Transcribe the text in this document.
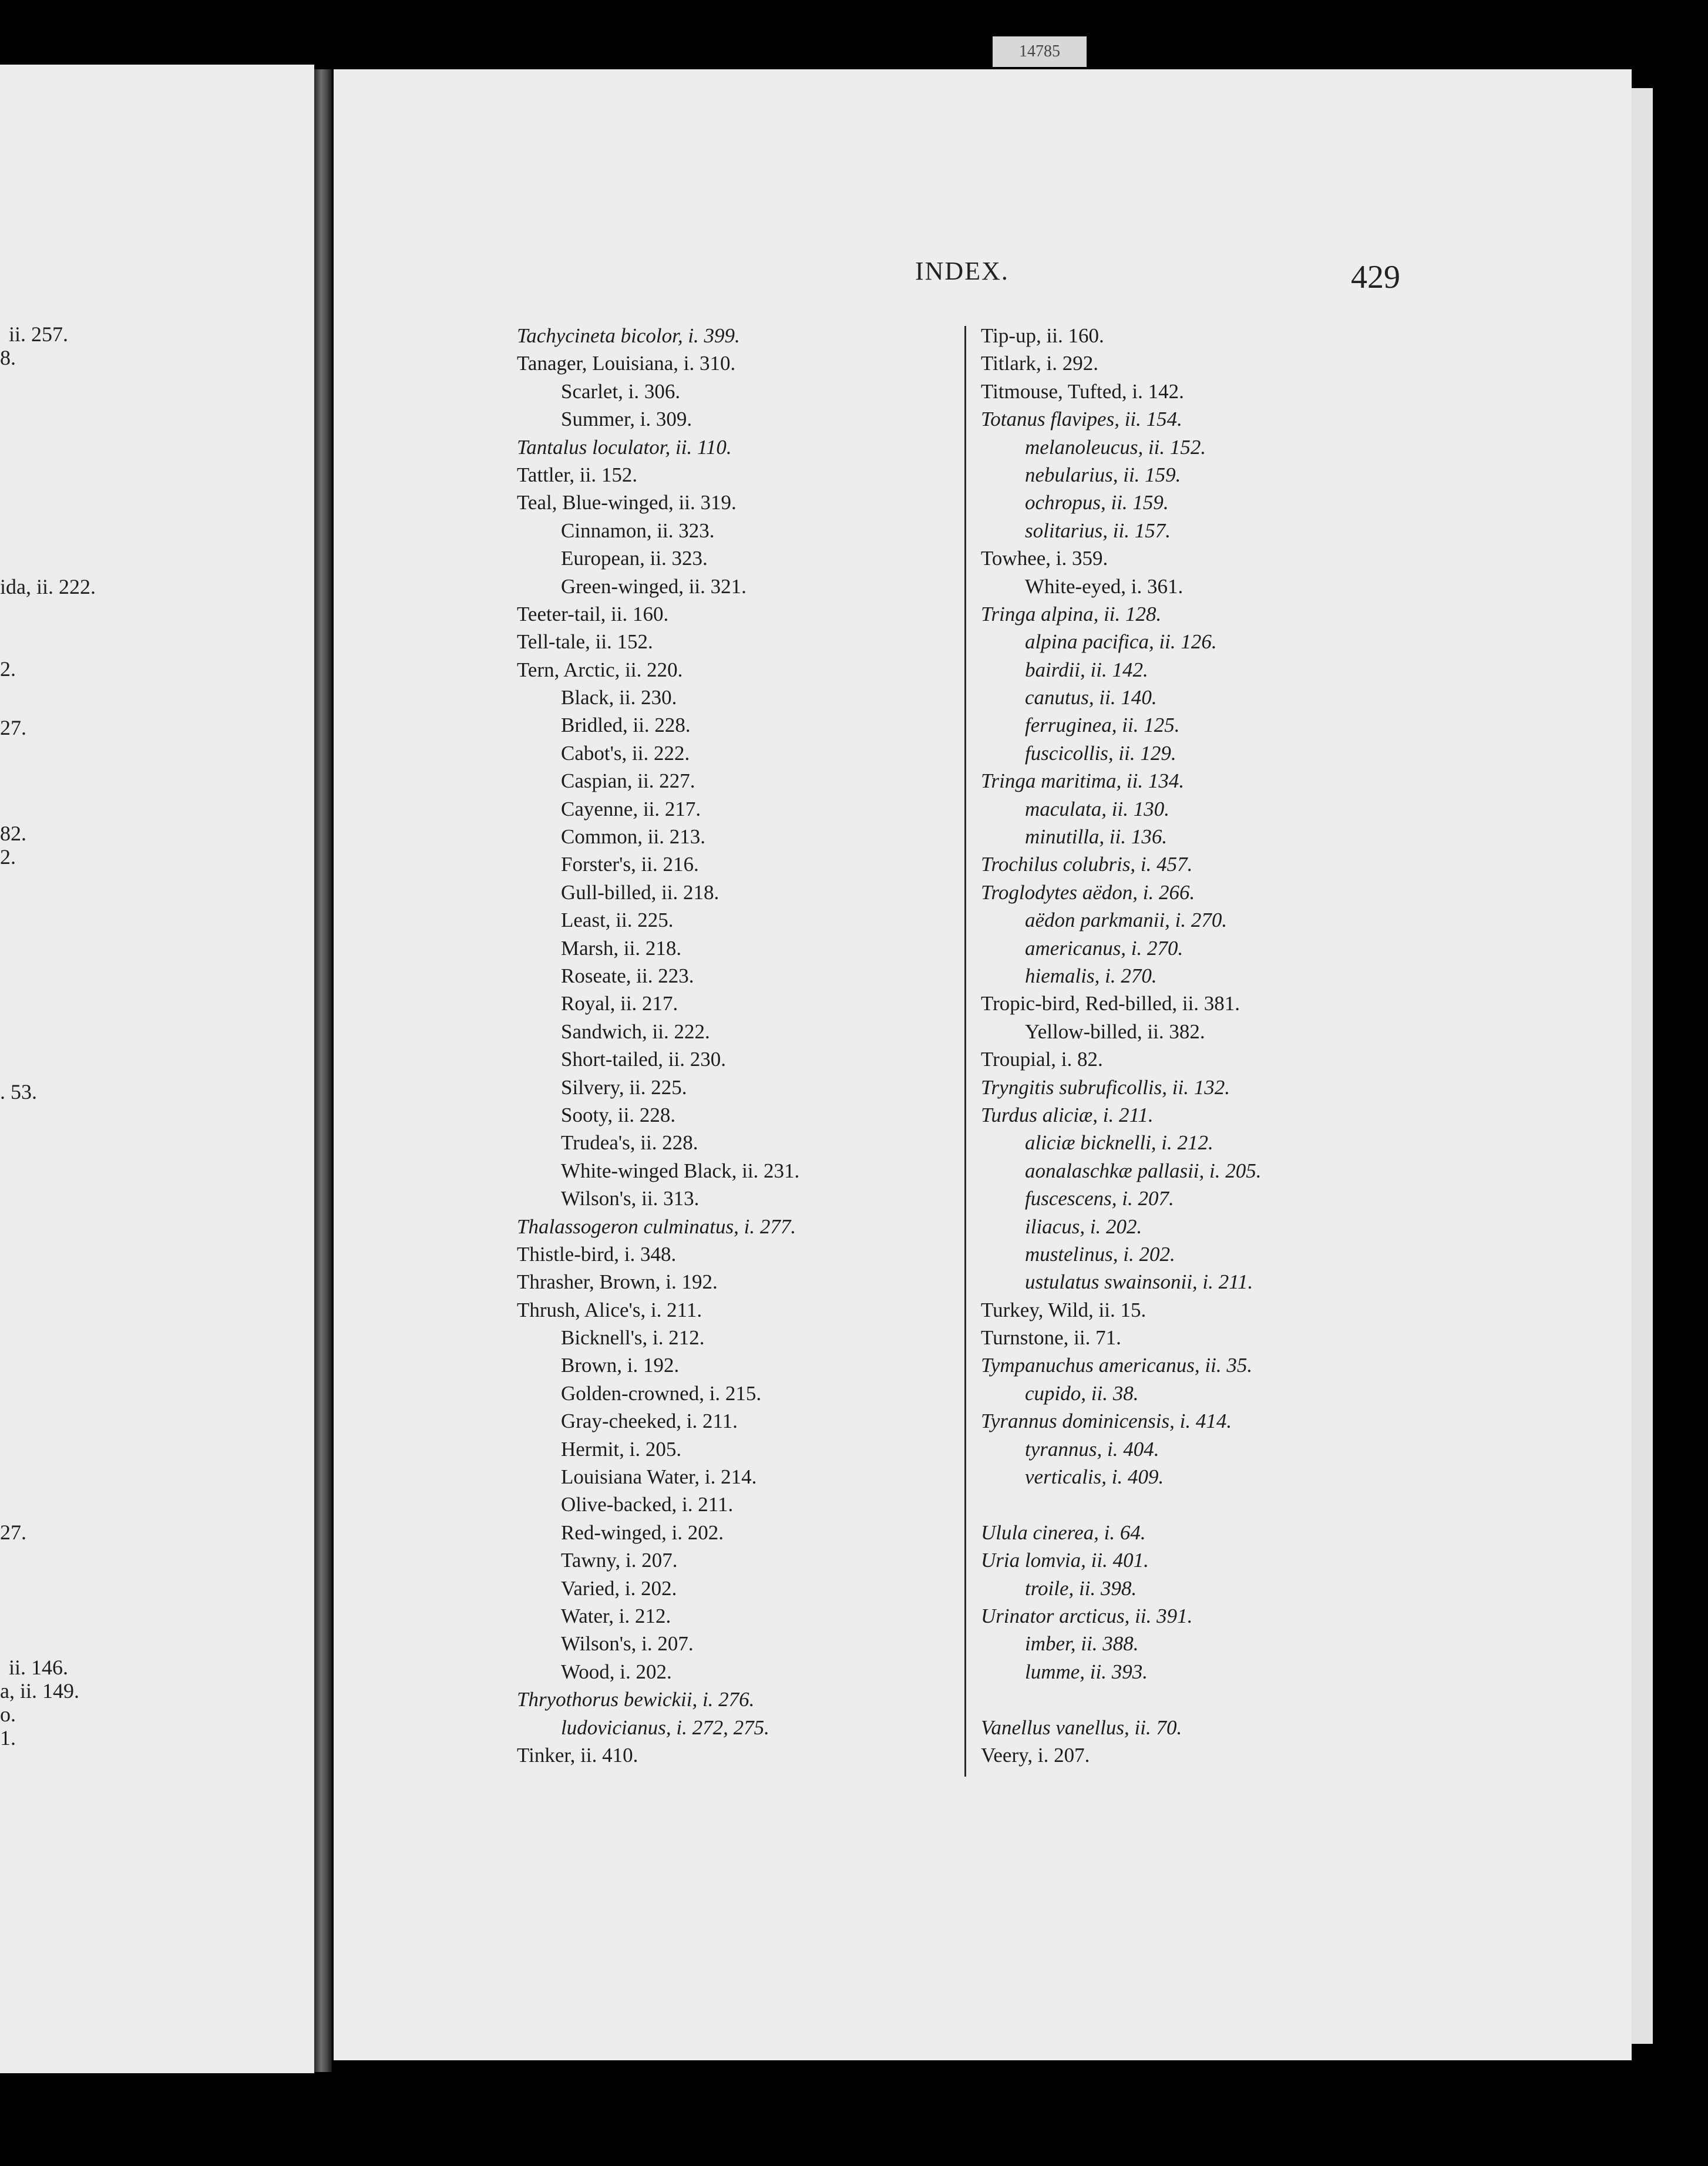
ii. 257.
8.
ida, ii. 222.
2.
27.
82.
2.
. 53.
27.
ii. 146.
a, ii. 149.
o.
1.
14785
INDEX.	429
Tachycineta bicolor, i. 399.
Tanager, Louisiana, i. 310.
Scarlet, i. 306.
Summer, i. 309.
Tantalus loculator, ii. 110.
Tattler, ii. 152.
Teal, Blue-winged, ii. 319.
Cinnamon, ii. 323.
European, ii. 323.
Green-winged, ii. 321.
Teeter-tail, ii. 160.
Tell-tale, ii. 152.
Tern, Arctic, ii. 220.
Black, ii. 230.
Bridled, ii. 228.
Cabot's, ii. 222.
Caspian, ii. 227.
Cayenne, ii. 217.
Common, ii. 213.
Forster's, ii. 216.
Gull-billed, ii. 218.
Least, ii. 225.
Marsh, ii. 218.
Roseate, ii. 223.
Royal, ii. 217.
Sandwich, ii. 222.
Short-tailed, ii. 230.
Silvery, ii. 225.
Sooty, ii. 228.
Trudea's, ii. 228.
White-winged Black, ii. 231.
Wilson's, ii. 313.
Thalassogeron culminatus, i. 277.
Thistle-bird, i. 348.
Thrasher, Brown, i. 192.
Thrush, Alice's, i. 211.
Bicknell's, i. 212.
Brown, i. 192.
Golden-crowned, i. 215.
Gray-cheeked, i. 211.
Hermit, i. 205.
Louisiana Water, i. 214.
Olive-backed, i. 211.
Red-winged, i. 202.
Tawny, i. 207.
Varied, i. 202.
Water, i. 212.
Wilson's, i. 207.
Wood, i. 202.
Thryothorus bewickii, i. 276.
ludovicianus, i. 272, 275.
Tinker, ii. 410.
Tip-up, ii. 160.
Titlark, i. 292.
Titmouse, Tufted, i. 142.
Totanus flavipes, ii. 154.
melanoleucus, ii. 152.
nebularius, ii. 159.
ochropus, ii. 159.
solitarius, ii. 157.
Towhee, i. 359.
White-eyed, i. 361.
Tringa alpina, ii. 128.
alpina pacifica, ii. 126.
bairdii, ii. 142.
canutus, ii. 140.
ferruginea, ii. 125.
fuscicollis, ii. 129.
Tringa maritima, ii. 134.
maculata, ii. 130.
minutilla, ii. 136.
Trochilus colubris, i. 457.
Troglodytes aëdon, i. 266.
aëdon parkmanii, i. 270.
americanus, i. 270.
hiemalis, i. 270.
Tropic-bird, Red-billed, ii. 381.
Yellow-billed, ii. 382.
Troupial, i. 82.
Tryngitis subruficollis, ii. 132.
Turdus aliciæ, i. 211.
aliciæ bicknelli, i. 212.
aonalaschkæ pallasii, i. 205.
fuscescens, i. 207.
iliacus, i. 202.
mustelinus, i. 202.
ustulatus swainsonii, i. 211.
Turkey, Wild, ii. 15.
Turnstone, ii. 71.
Tympanuchus americanus, ii. 35.
cupido, ii. 38.
Tyrannus dominicensis, i. 414.
tyrannus, i. 404.
verticalis, i. 409.
Ulula cinerea, i. 64.
Uria lomvia, ii. 401.
troile, ii. 398.
Urinator arcticus, ii. 391.
imber, ii. 388.
lumme, ii. 393.
Vanellus vanellus, ii. 70.
Veery, i. 207.
